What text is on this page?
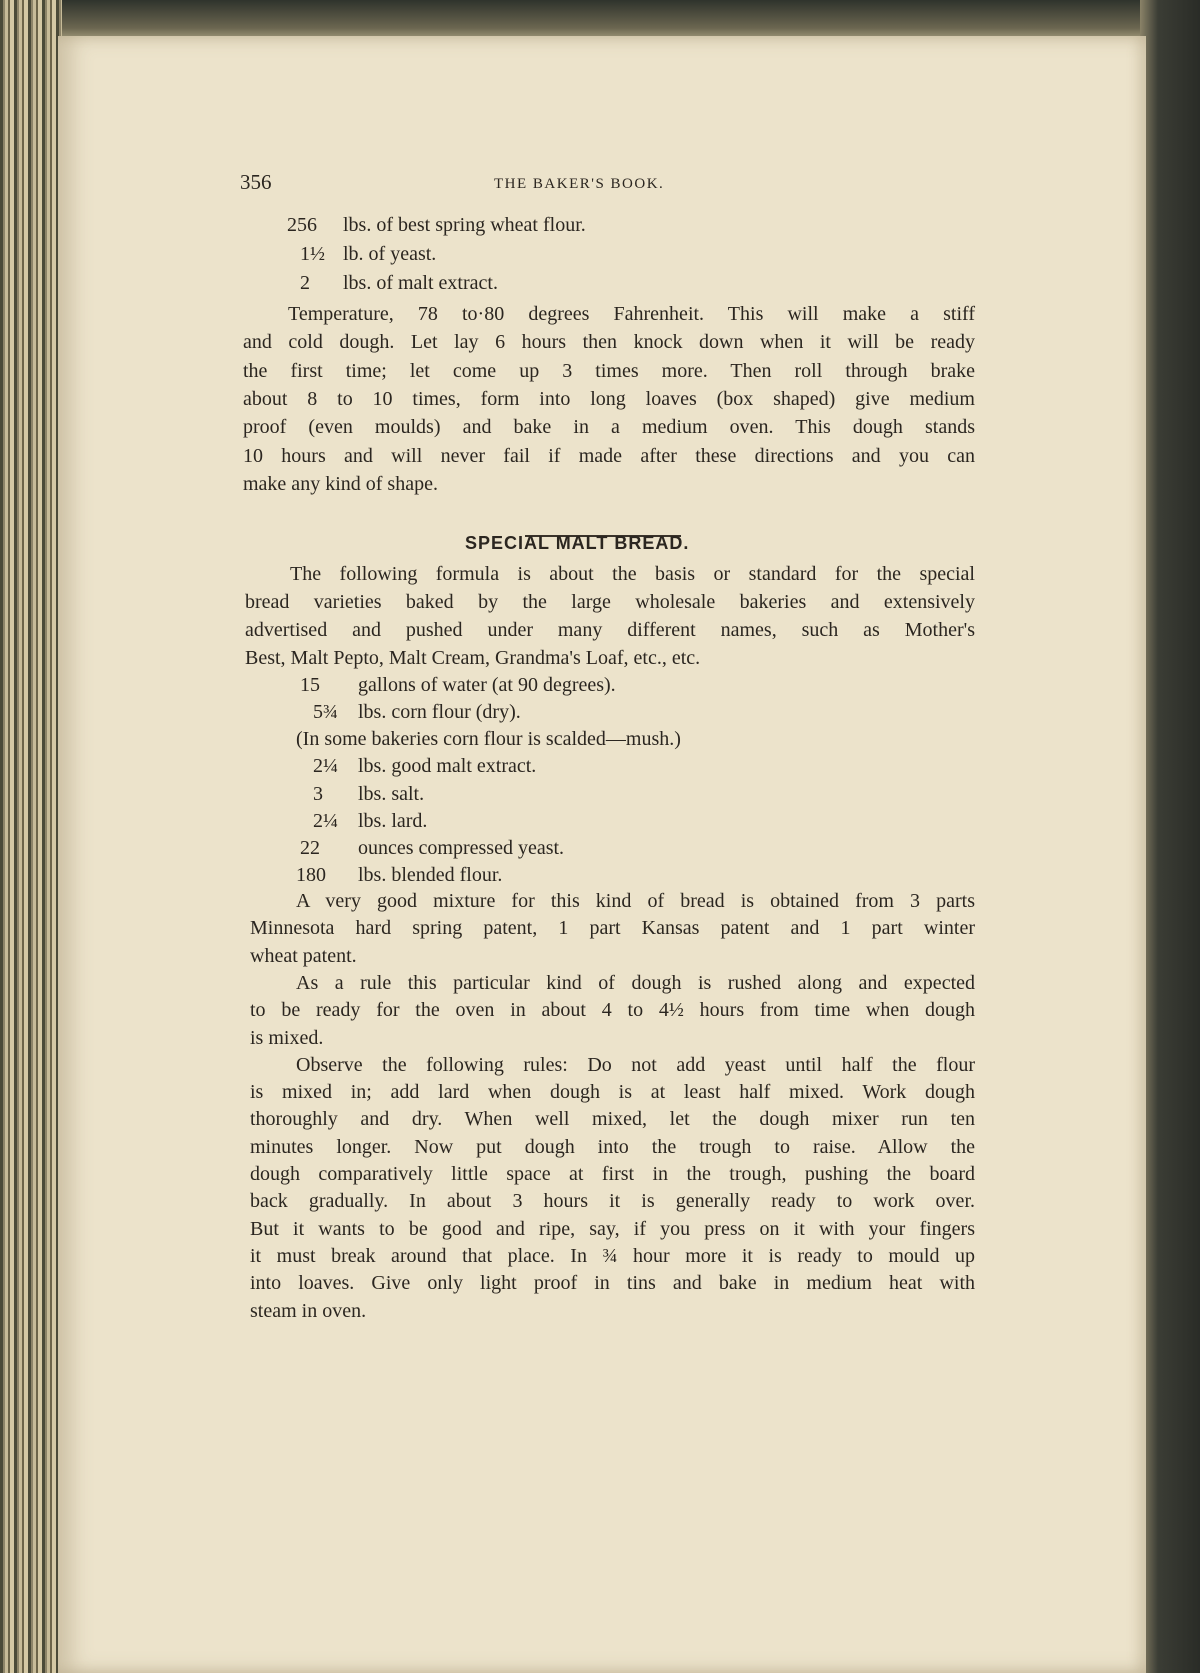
356	THE BAKER'S BOOK.
256 lbs. of best spring wheat flour.
1½ lb. of yeast.
2 lbs. of malt extract.
Temperature, 78 to·80 degrees Fahrenheit. This will make a stiff
and cold dough. Let lay 6 hours then knock down when it will be ready
the first time; let come up 3 times more. Then roll through brake
about 8 to 10 times, form into long loaves (box shaped) give medium
proof (even moulds) and bake in a medium oven. This dough stands
10 hours and will never fail if made after these directions and you can
make any kind of shape.
The following formula is about the basis or standard for the special
bread varieties baked by the large wholesale bakeries and extensively
advertised and pushed under many different names, such as Mother's
Best, Malt Pepto, Malt Cream, Grandma's Loaf, etc., etc.
15 gallons of water (at 90 degrees).
5¾ lbs. corn flour (dry).
(In some bakeries corn flour is scalded—mush.)
2¼ lbs. good malt extract.
3 lbs. salt.
2¼ lbs. lard.
22 ounces compressed yeast.
180 lbs. blended flour.
A very good mixture for this kind of bread is obtained from 3 parts
Minnesota hard spring patent, 1 part Kansas patent and 1 part winter
wheat patent.
As a rule this particular kind of dough is rushed along and expected
to be ready for the oven in about 4 to 4½ hours from time when dough
is mixed.
Observe the following rules: Do not add yeast until half the flour
is mixed in; add lard when dough is at least half mixed. Work dough
thoroughly and dry. When well mixed, let the dough mixer run ten
minutes longer. Now put dough into the trough to raise. Allow the
dough comparatively little space at first in the trough, pushing the board
back gradually. In about 3 hours it is generally ready to work over.
But it wants to be good and ripe, say, if you press on it with your fingers
it must break around that place. In ¾ hour more it is ready to mould up
into loaves. Give only light proof in tins and bake in medium heat with
steam in oven.
SPECIAL MALT BREAD.
